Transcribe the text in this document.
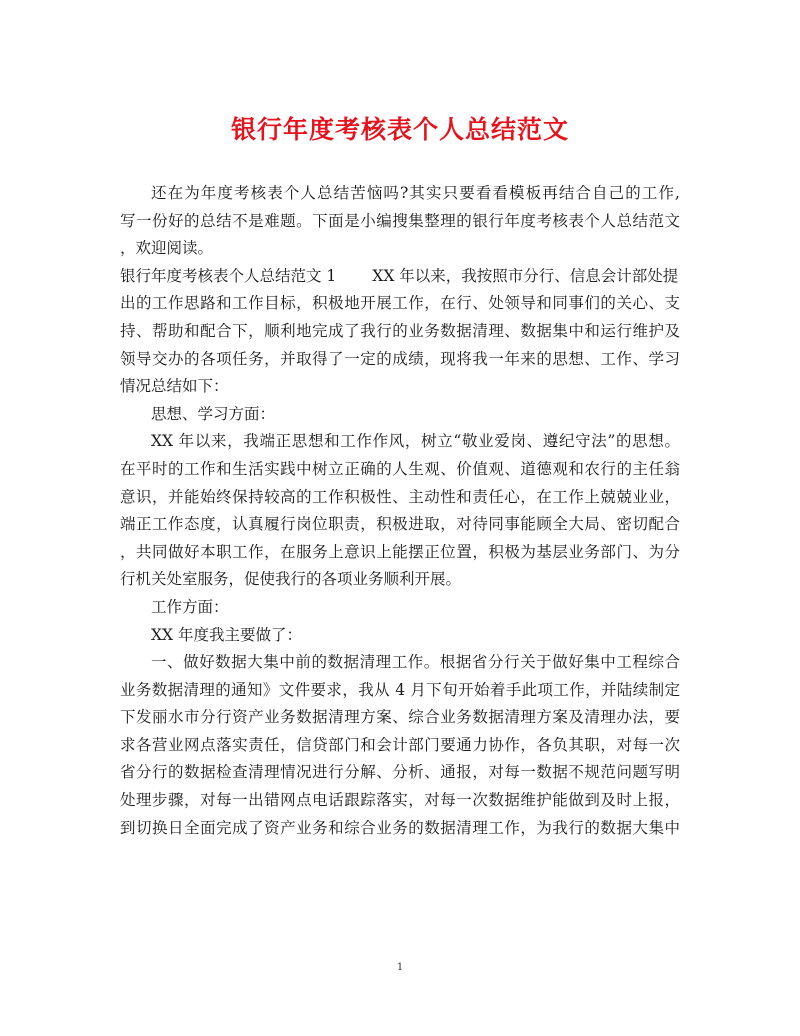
银行年度考核表个人总结范文
还在为年度考核表个人总结苦恼吗?其实只要看看模板再结合自己的工作,
写一份好的总结不是难题。下面是小编搜集整理的银行年度考核表个人总结范文
，欢迎阅读。
银行年度考核表个人总结范文 1 XX 年以来，我按照市分行、信息会计部处提
出的工作思路和工作目标，积极地开展工作，在行、处领导和同事们的关心、支
持、帮助和配合下，顺利地完成了我行的业务数据清理、数据集中和运行维护及
领导交办的各项任务，并取得了一定的成绩，现将我一年来的思想、工作、学习
情况总结如下：
思想、学习方面：
XX 年以来，我端正思想和工作作风，树立“敬业爱岗、遵纪守法”的思想。
在平时的工作和生活实践中树立正确的人生观、价值观、道德观和农行的主任翁
意识，并能始终保持较高的工作积极性、主动性和责任心，在工作上兢兢业业，
端正工作态度，认真履行岗位职责，积极进取，对待同事能顾全大局、密切配合
，共同做好本职工作，在服务上意识上能摆正位置，积极为基层业务部门、为分
行机关处室服务，促使我行的各项业务顺利开展。
工作方面：
XX 年度我主要做了：
一、做好数据大集中前的数据清理工作。根据省分行关于做好集中工程综合
业务数据清理的通知》文件要求，我从 4 月下旬开始着手此项工作，并陆续制定
下发丽水市分行资产业务数据清理方案、综合业务数据清理方案及清理办法，要
求各营业网点落实责任，信贷部门和会计部门要通力协作，各负其职，对每一次
省分行的数据检查清理情况进行分解、分析、通报，对每一数据不规范问题写明
处理步骤，对每一出错网点电话跟踪落实，对每一次数据维护能做到及时上报，
到切换日全面完成了资产业务和综合业务的数据清理工作，为我行的数据大集中
1
